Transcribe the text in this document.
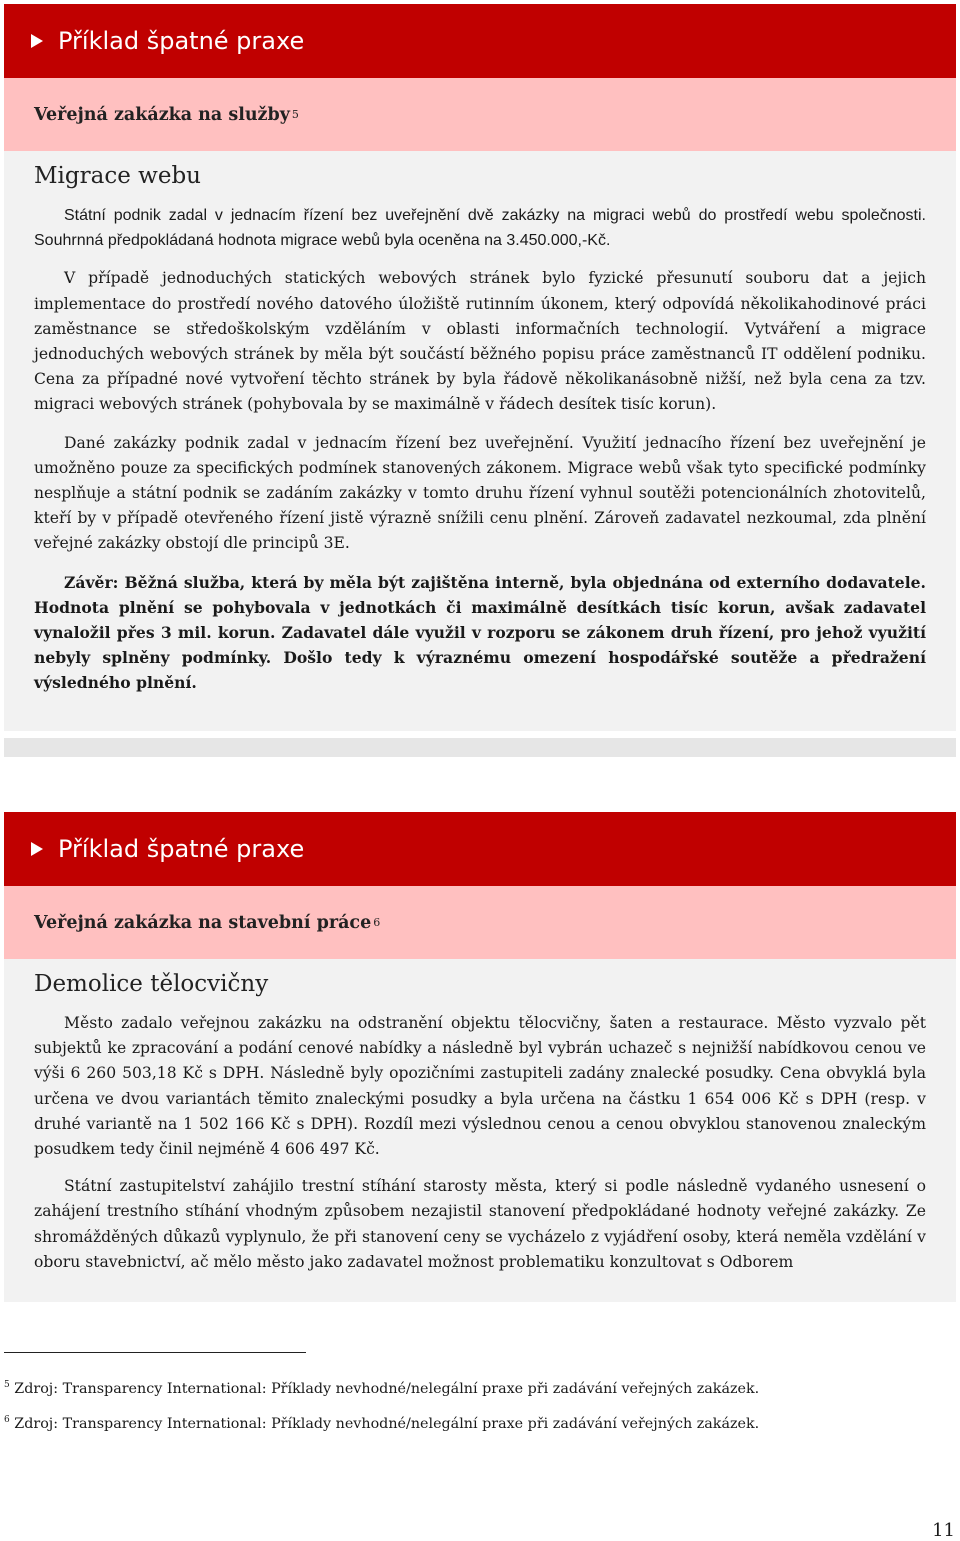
Příklad špatné praxe
Veřejná zakázka na služby 5
Migrace webu
Státní podnik zadal v jednacím řízení bez uveřejnění dvě zakázky na migraci webů do prostředí webu společnosti. Souhrnná předpokládaná hodnota migrace webů byla oceněna na 3.450.000,-Kč.
V případě jednoduchých statických webových stránek bylo fyzické přesunutí souboru dat a jejich implementace do prostředí nového datového úložiště rutinním úkonem, který odpovídá několikahodinové práci zaměstnance se středoškolským vzděláním v oblasti informačních technologií. Vytváření a migrace jednoduchých webových stránek by měla být součástí běžného popisu práce zaměstnanců IT oddělení podniku. Cena za případné nové vytvoření těchto stránek by byla řádově několikanásobně nižší, než byla cena za tzv. migraci webových stránek (pohybovala by se maximálně v řádech desítek tisíc korun).
Dané zakázky podnik zadal v jednacím řízení bez uveřejnění. Využití jednacího řízení bez uveřejnění je umožněno pouze za specifických podmínek stanovených zákonem. Migrace webů však tyto specifické podmínky nesplňuje a státní podnik se zadáním zakázky v tomto druhu řízení vyhnul soutěži potencionálních zhotovitelů, kteří by v případě otevřeného řízení jistě výrazně snížili cenu plnění. Zároveň zadavatel nezkoumal, zda plnění veřejné zakázky obstojí dle principů 3E.
Závěr: Běžná služba, která by měla být zajištěna interně, byla objednána od externího dodavatele. Hodnota plnění se pohybovala v jednotkách či maximálně desítkách tisíc korun, avšak zadavatel vynaložil přes 3 mil. korun. Zadavatel dále využil v rozporu se zákonem druh řízení, pro jehož využití nebyly splněny podmínky. Došlo tedy k výraznému omezení hospodářské soutěže a předražení výsledného plnění.
Příklad špatné praxe
Veřejná zakázka na stavební práce 6
Demolice tělocvičny
Město zadalo veřejnou zakázku na odstranění objektu tělocvičny, šaten a restaurace. Město vyzvalo pět subjektů ke zpracování a podání cenové nabídky a následně byl vybrán uchazeč s nejnižší nabídkovou cenou ve výši 6 260 503,18 Kč s DPH. Následně byly opozičními zastupiteli zadány znalecké posudky. Cena obvyklá byla určena ve dvou variantách těmito znaleckými posudky a byla určena na částku 1 654 006 Kč s DPH (resp. v druhé variantě na 1 502 166 Kč s DPH). Rozdíl mezi výslednou cenou a cenou obvyklou stanovenou znaleckým posudkem tedy činil nejméně 4 606 497 Kč.
Státní zastupitelství zahájilo trestní stíhání starosty města, který si podle následně vydaného usnesení o zahájení trestního stíhání vhodným způsobem nezajistil stanovení předpokládané hodnoty veřejné zakázky. Ze shromážděných důkazů vyplynulo, že při stanovení ceny se vycházelo z vyjádření osoby, která neměla vzdělání v oboru stavebnictví, ač mělo město jako zadavatel možnost problematiku konzultovat s Odborem
$^5$ Zdroj: Transparency International: Příklady nevhodné/nelegální praxe při zadávání veřejných zakázek.
$^6$ Zdroj: Transparency International: Příklady nevhodné/nelegální praxe při zadávání veřejných zakázek.
11
